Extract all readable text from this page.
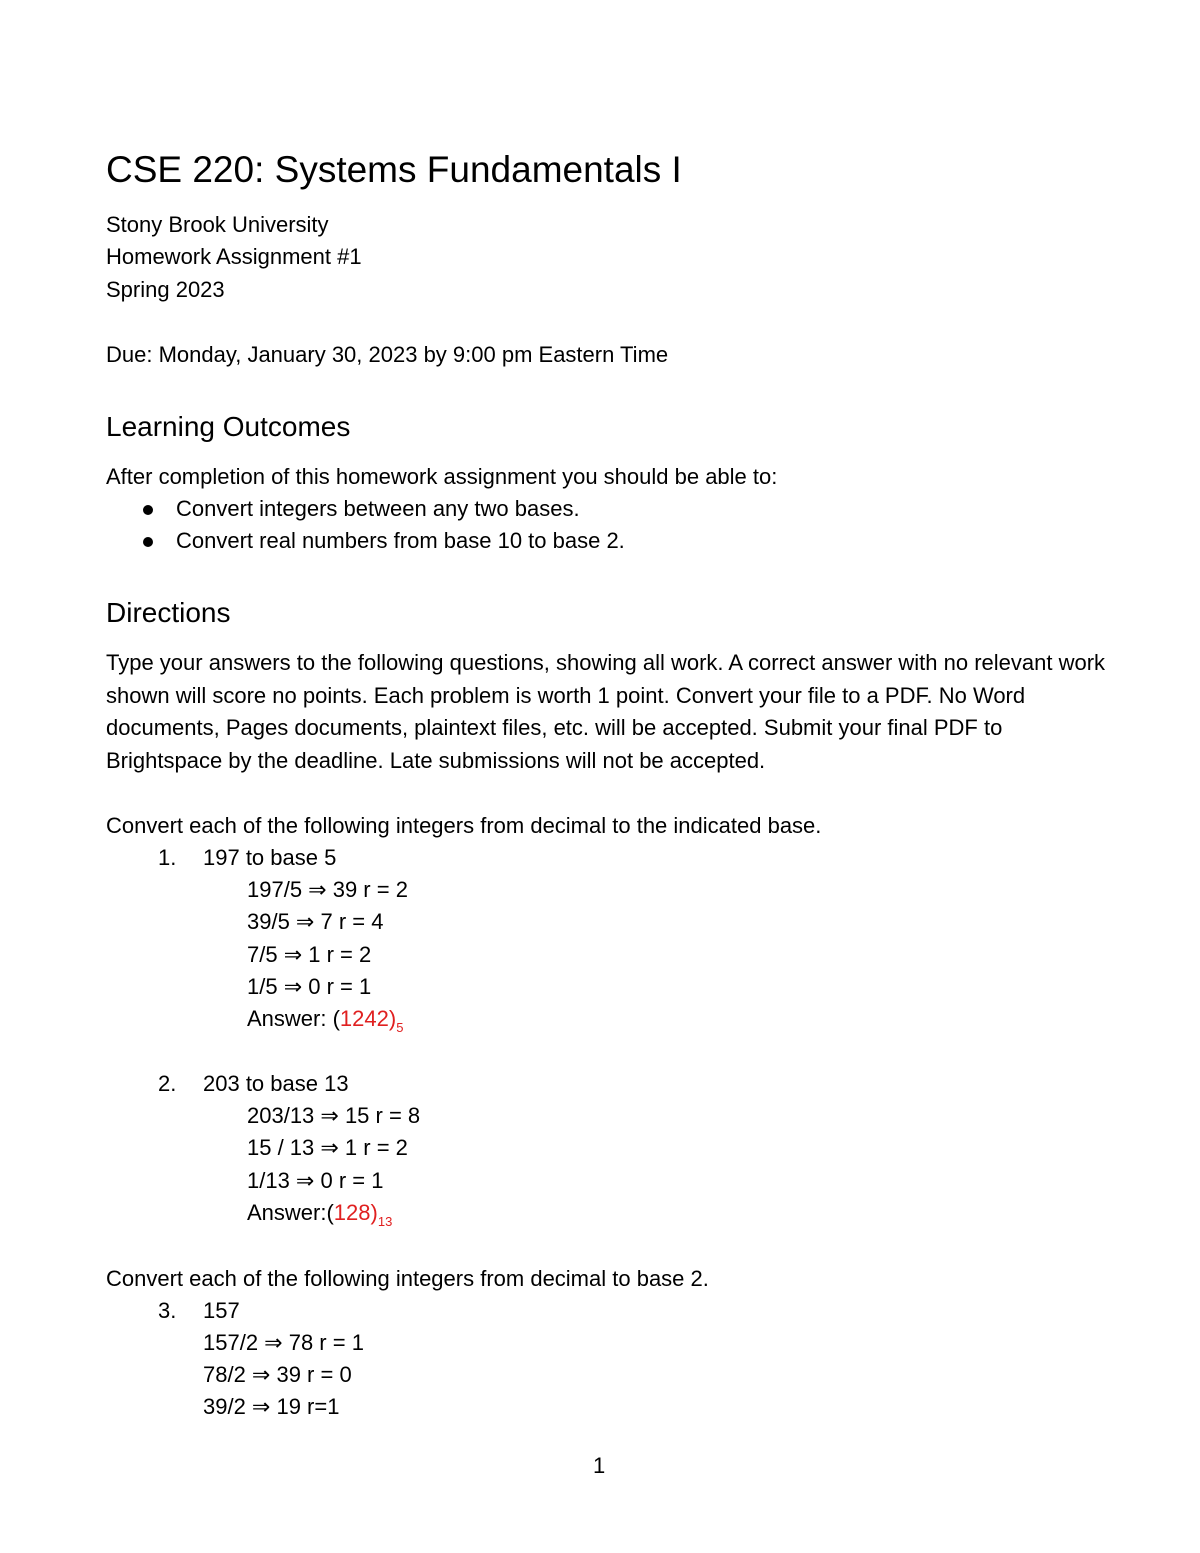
CSE 220: Systems Fundamentals I
Stony Brook University
Homework Assignment #1
Spring 2023
Due: Monday, January 30, 2023 by 9:00 pm Eastern Time
Learning Outcomes
After completion of this homework assignment you should be able to:
Convert integers between any two bases.
Convert real numbers from base 10 to base 2.
Directions
Type your answers to the following questions, showing all work. A correct answer with no relevant work shown will score no points. Each problem is worth 1 point. Convert your file to a PDF. No Word documents, Pages documents, plaintext files, etc. will be accepted. Submit your final PDF to Brightspace by the deadline. Late submissions will not be accepted.
Convert each of the following integers from decimal to the indicated base.
1. 197 to base 5
197/5 ⇒ 39 r = 2
39/5 ⇒ 7 r = 4
7/5 ⇒ 1 r = 2
1/5 ⇒ 0 r = 1
Answer: $(1242)_5$
2. 203 to base 13
203/13 ⇒ 15 r = 8
15 / 13 ⇒ 1 r = 2
1/13 ⇒ 0 r = 1
$Answer:(128)_{13}$
Convert each of the following integers from decimal to base 2.
3. 157
157/2 ⇒ 78 r = 1
78/2 ⇒ 39 r = 0
39/2 ⇒ 19 r=1
1
